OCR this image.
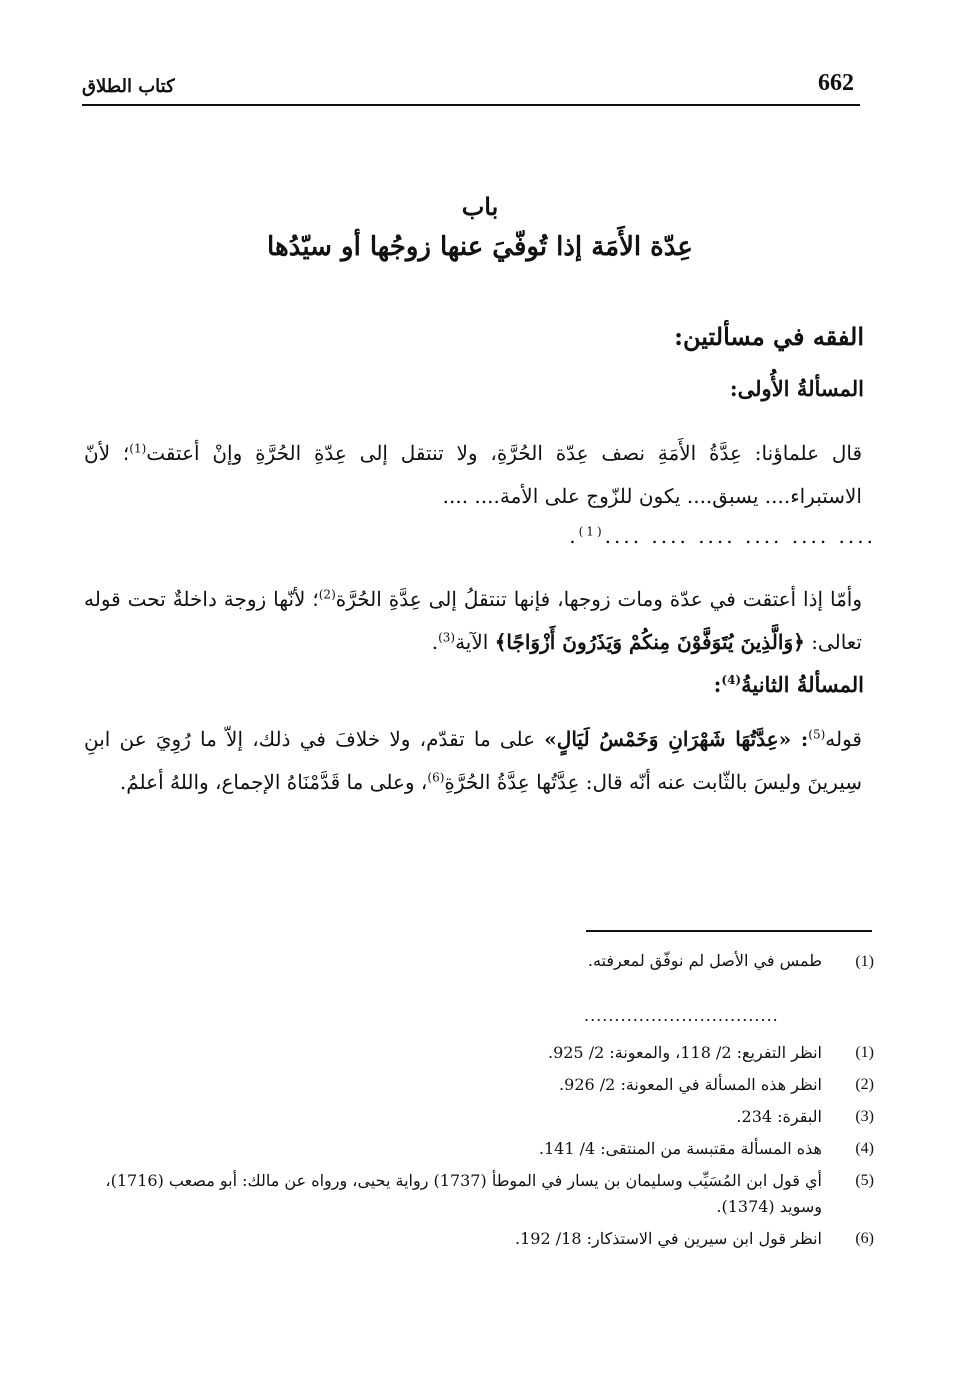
662
كتاب الطلاق
باب
عِدّة الأَمَة إذا تُوفّيَ عنها زوجُها أو سيّدُها
الفقه في مسألتين:
المسألةُ الأُولى:
قال علماؤنا: عِدَّةُ الأَمَةِ نصف عِدّة الحُرَّةِ، ولا تنتقل إلى عِدّةِ الحُرَّةِ وإنْ أعتقت$^{(1)}$؛ لأنّ الاستبراء.... يسبق.... يكون للزّوج على الأمة.... ....
.... .... .... .... .... ....$^{(1)}$.
وأمّا إذا أعتقت في عدّة ومات زوجها، فإنها تنتقلُ إلى عِدَّةِ الحُرَّة$^{(2)}$؛ لأنّها زوجة داخلةٌ تحت قوله تعالى: ﴿وَالَّذِينَ يُتَوَفَّوْنَ مِنكُمْ وَيَذَرُونَ أَزْوَاجًا﴾ الآية$^{(3)}$.
المسألةُ الثانيةُ$^{(4)}$:
قوله$^{(5)}$: «عِدَّتُهَا شَهْرَانِ وَخَمْسُ لَيَالٍ» على ما تقدّم، ولا خلافَ في ذلك، إلاّ ما رُوِيَ عن ابنِ سِيرينَ وليسَ بالثّابت عنه أنّه قال: عِدَّتُها عِدَّةُ الحُرَّةِ$^{(6)}$، وعلى ما قَدَّمْنَاهُ الإجماع، واللهُ أعلمُ.
(1)طمس في الأصل لم نوفّق لمعرفته.
................................
(1)
انظر التفريع: 2/ 118، والمعونة: 2/ 925.
(2)
انظر هذه المسألة في المعونة: 2/ 926.
(3)
البقرة: 234.
(4)
هذه المسألة مقتبسة من المنتقى: 4/ 141.
(5)
أي قول ابن المُسَيِّب وسليمان بن يسار في الموطأ (1737) رواية يحيى، ورواه عن مالك: أبو مصعب (1716)، وسويد (1374).
(6)
انظر قول ابن سيرين في الاستذكار: 18/ 192.
